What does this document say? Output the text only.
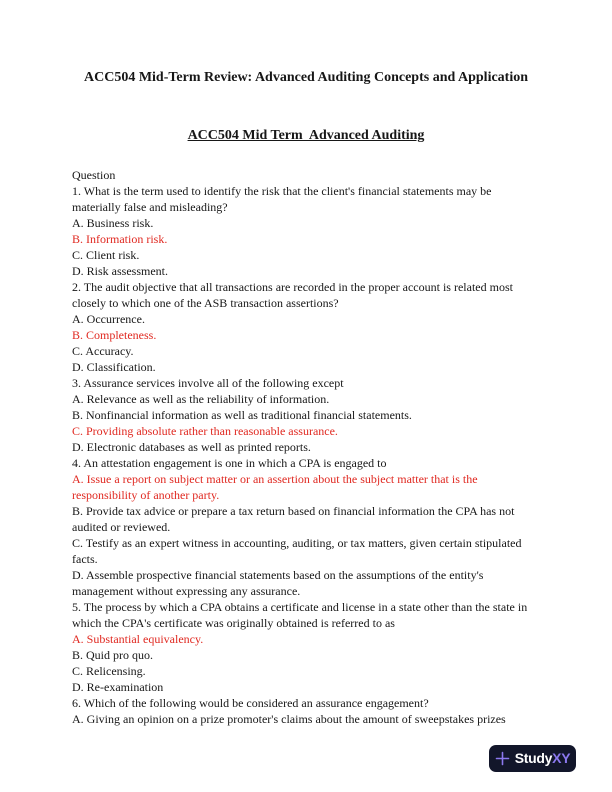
ACC504 Mid-Term Review: Advanced Auditing Concepts and Application
ACC504 Mid Term  Advanced Auditing
Question
1. What is the term used to identify the risk that the client's financial statements may be
materially false and misleading?
A. Business risk.
B. Information risk.
C. Client risk.
D. Risk assessment.
2. The audit objective that all transactions are recorded in the proper account is related most
closely to which one of the ASB transaction assertions?
A. Occurrence.
B. Completeness.
C. Accuracy.
D. Classification.
3. Assurance services involve all of the following except
A. Relevance as well as the reliability of information.
B. Nonfinancial information as well as traditional financial statements.
C. Providing absolute rather than reasonable assurance.
D. Electronic databases as well as printed reports.
4. An attestation engagement is one in which a CPA is engaged to
A. Issue a report on subject matter or an assertion about the subject matter that is the
responsibility of another party.
B. Provide tax advice or prepare a tax return based on financial information the CPA has not
audited or reviewed.
C. Testify as an expert witness in accounting, auditing, or tax matters, given certain stipulated
facts.
D. Assemble prospective financial statements based on the assumptions of the entity's
management without expressing any assurance.
5. The process by which a CPA obtains a certificate and license in a state other than the state in
which the CPA's certificate was originally obtained is referred to as
A. Substantial equivalency.
B. Quid pro quo.
C. Relicensing.
D. Re-examination
6. Which of the following would be considered an assurance engagement?
A. Giving an opinion on a prize promoter's claims about the amount of sweepstakes prizes
StudyXY
